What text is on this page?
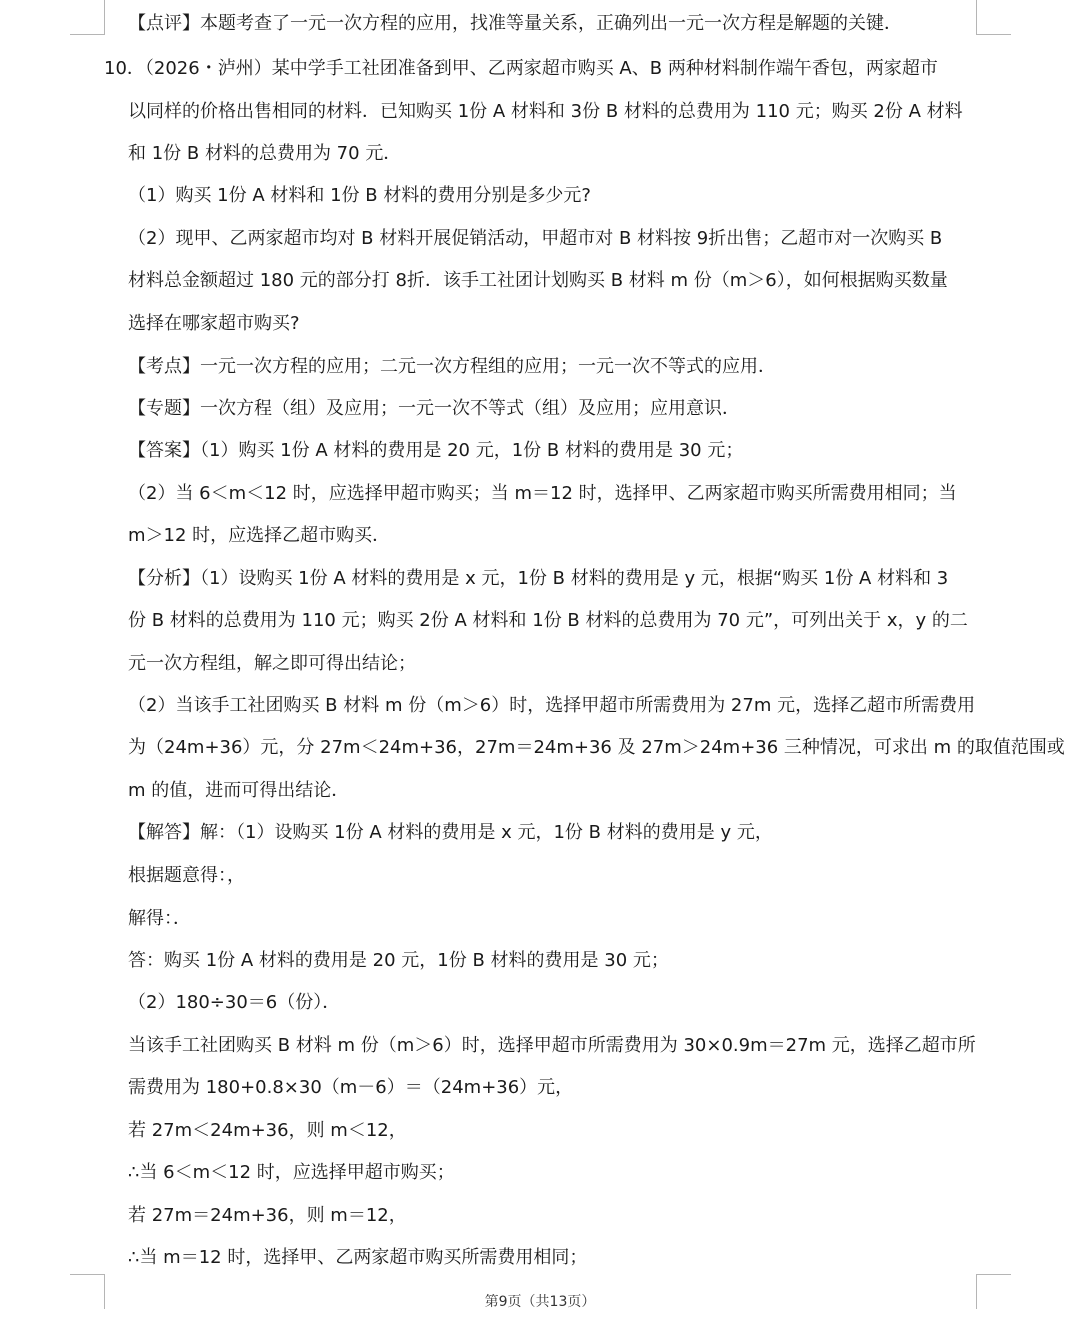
【点评】本题考查了一元一次方程的应用，找准等量关系，正确列出一元一次方程是解题的关键．
10．（2026・泸州）某中学手工社团准备到甲、乙两家超市购买 A、B 两种材料制作端午香包，两家超市
以同样的价格出售相同的材料．已知购买 1份 A 材料和 3份 B 材料的总费用为 110 元；购买 2份 A 材料
和 1份 B 材料的总费用为 70 元．
（1）购买 1份 A 材料和 1份 B 材料的费用分别是多少元?
（2）现甲、乙两家超市均对 B 材料开展促销活动，甲超市对 B 材料按 9折出售；乙超市对一次购买 B
材料总金额超过 180 元的部分打 8折．该手工社团计划购买 B 材料 m 份（m＞6），如何根据购买数量
选择在哪家超市购买?
【考点】一元一次方程的应用；二元一次方程组的应用；一元一次不等式的应用．
【专题】一次方程（组）及应用；一元一次不等式（组）及应用；应用意识．
【答案】（1）购买 1份 A 材料的费用是 20 元，1份 B 材料的费用是 30 元；
（2）当 6＜m＜12 时，应选择甲超市购买；当 m＝12 时，选择甲、乙两家超市购买所需费用相同；当
m＞12 时，应选择乙超市购买．
【分析】（1）设购买 1份 A 材料的费用是 x 元，1份 B 材料的费用是 y 元，根据“购买 1份 A 材料和 3
份 B 材料的总费用为 110 元；购买 2份 A 材料和 1份 B 材料的总费用为 70 元”，可列出关于 x，y 的二
元一次方程组，解之即可得出结论；
（2）当该手工社团购买 B 材料 m 份（m＞6）时，选择甲超市所需费用为 27m 元，选择乙超市所需费用
为（24m+36）元，分 27m＜24m+36，27m＝24m+36 及 27m＞24m+36 三种情况，可求出 m 的取值范围或
m 的值，进而可得出结论．
【解答】解：（1）设购买 1份 A 材料的费用是 x 元，1份 B 材料的费用是 y 元，
根据题意得：，
解得：．
答：购买 1份 A 材料的费用是 20 元，1份 B 材料的费用是 30 元；
（2）180÷30＝6（份）．
当该手工社团购买 B 材料 m 份（m＞6）时，选择甲超市所需费用为 30×0.9m＝27m 元，选择乙超市所
需费用为 180+0.8×30（m－6）＝（24m+36）元，
若 27m＜24m+36，则 m＜12，
∴当 6＜m＜12 时，应选择甲超市购买；
若 27m＝24m+36，则 m＝12，
∴当 m＝12 时，选择甲、乙两家超市购买所需费用相同；
第9页（共13页）
